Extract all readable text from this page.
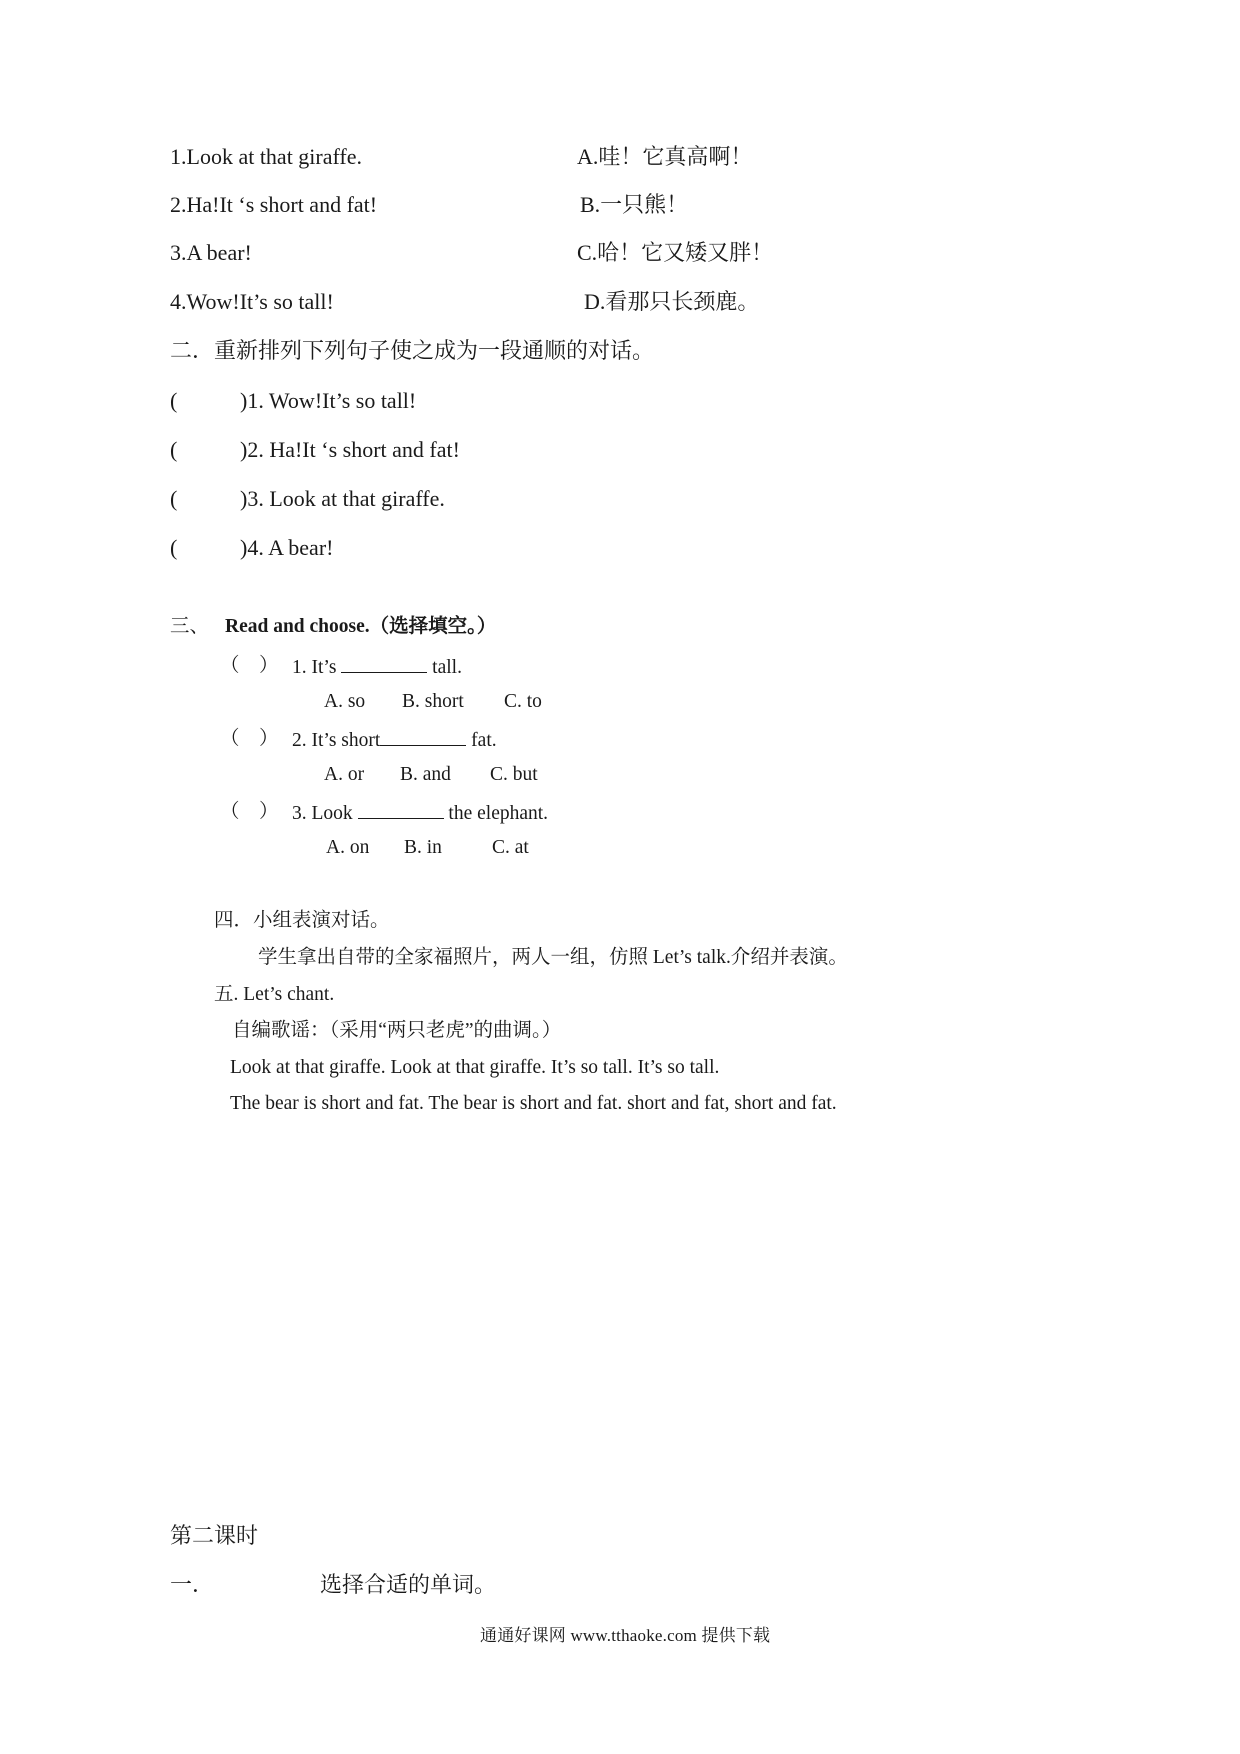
1.Look at that giraffe.	A.哇！它真高啊！
2.Ha!It ‘s short and fat!	B.一只熊！
3.A bear!	C.哈！它又矮又胖！
4.Wow!It’s so tall!	D.看那只长颈鹿。
二．重新排列下列句子使之成为一段通顺的对话。
(	)1. Wow!It’s so tall!
(	)2. Ha!It ‘s short and fat!
(	)3. Look at that giraffe.
(	)4. A bear!
三、 Read and choose.（选择填空。）
（　） 1. It’s	tall.
A. so B. short C. to
（　） 2. It’s short	fat.
A. or B. and C. but
（　） 3. Look	the elephant.
A. on B. in	C. at
四．小组表演对话。
学生拿出自带的全家福照片，两人一组，仿照 Let’s talk.介绍并表演。
五. Let’s chant.
自编歌谣：（采用“两只老虎”的曲调。）
Look at that giraffe. Look at that giraffe. It’s so tall. It’s so tall.
The bear is short and fat. The bear is short and fat. short and fat, short and fat.
第二课时
一．	选择合适的单词。
通通好课网 www.tthaoke.com 提供下载
